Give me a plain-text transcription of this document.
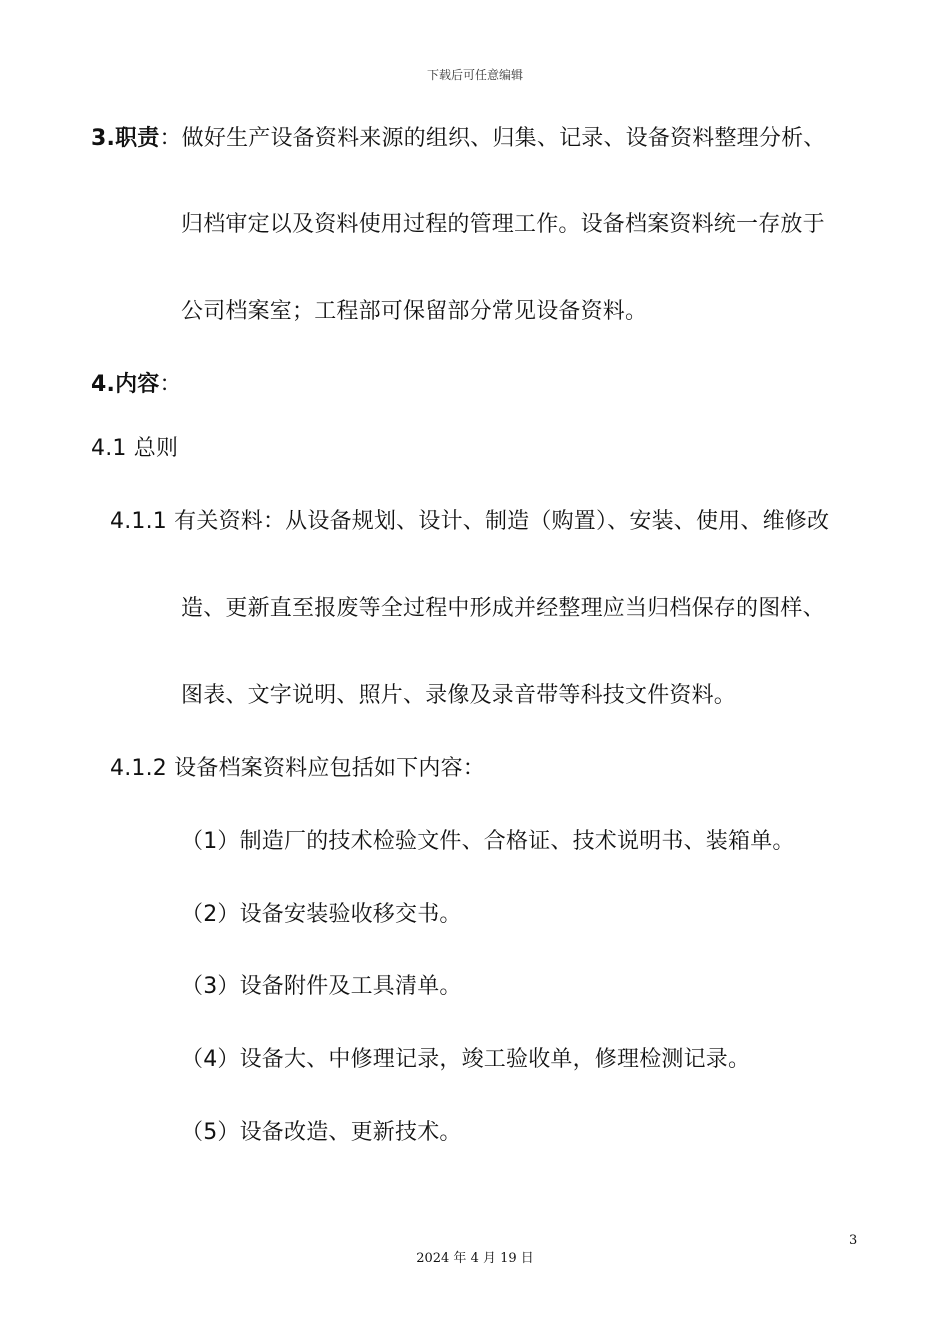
下载后可任意编辑
3.职责：做好生产设备资料来源的组织、归集、记录、设备资料整理分析、
归档审定以及资料使用过程的管理工作。设备档案资料统一存放于
公司档案室；工程部可保留部分常见设备资料。
4.内容：
4.1 总则
4.1.1 有关资料：从设备规划、设计、制造（购置）、安装、使用、维修改
造、更新直至报废等全过程中形成并经整理应当归档保存的图样、
图表、文字说明、照片、录像及录音带等科技文件资料。
4.1.2 设备档案资料应包括如下内容：
（1）制造厂的技术检验文件、合格证、技术说明书、装箱单。
（2）设备安装验收移交书。
（3）设备附件及工具清单。
（4）设备大、中修理记录，竣工验收单，修理检测记录。
（5）设备改造、更新技术。
3
2024 年 4 月 19 日
